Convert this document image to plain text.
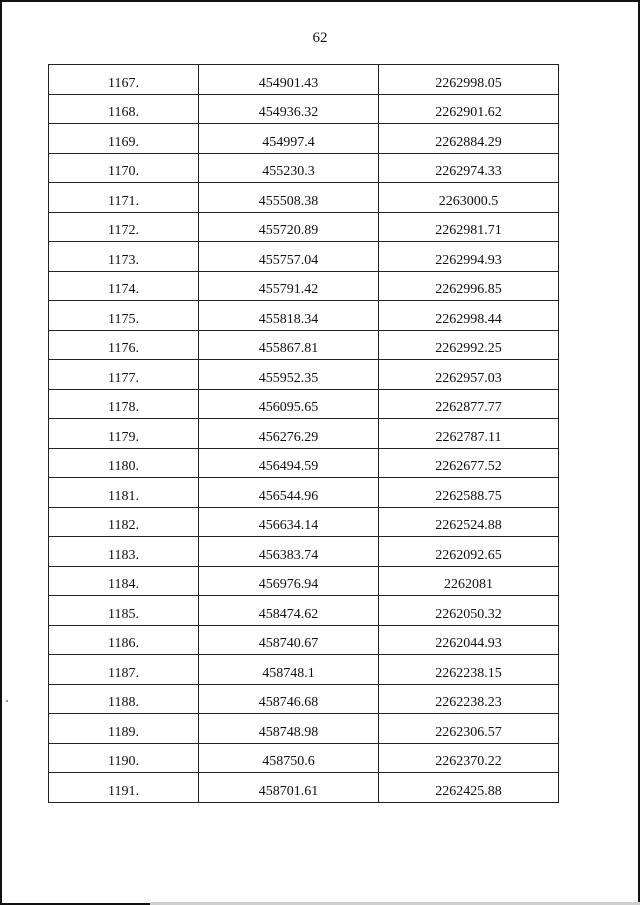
62
1167.	454901.43	2262998.05
1168.	454936.32	2262901.62
1169.	454997.4	2262884.29
1170.	455230.3	2262974.33
1171.	455508.38	2263000.5
1172.	455720.89	2262981.71
1173.	455757.04	2262994.93
1174.	455791.42	2262996.85
1175.	455818.34	2262998.44
1176.	455867.81	2262992.25
1177.	455952.35	2262957.03
1178.	456095.65	2262877.77
1179.	456276.29	2262787.11
1180.	456494.59	2262677.52
1181.	456544.96	2262588.75
1182.	456634.14	2262524.88
1183.	456383.74	2262092.65
1184.	456976.94	2262081
1185.	458474.62	2262050.32
1186.	458740.67	2262044.93
1187.	458748.1	2262238.15
1188.	458746.68	2262238.23
1189.	458748.98	2262306.57
1190.	458750.6	2262370.22
1191.	458701.61	2262425.88
